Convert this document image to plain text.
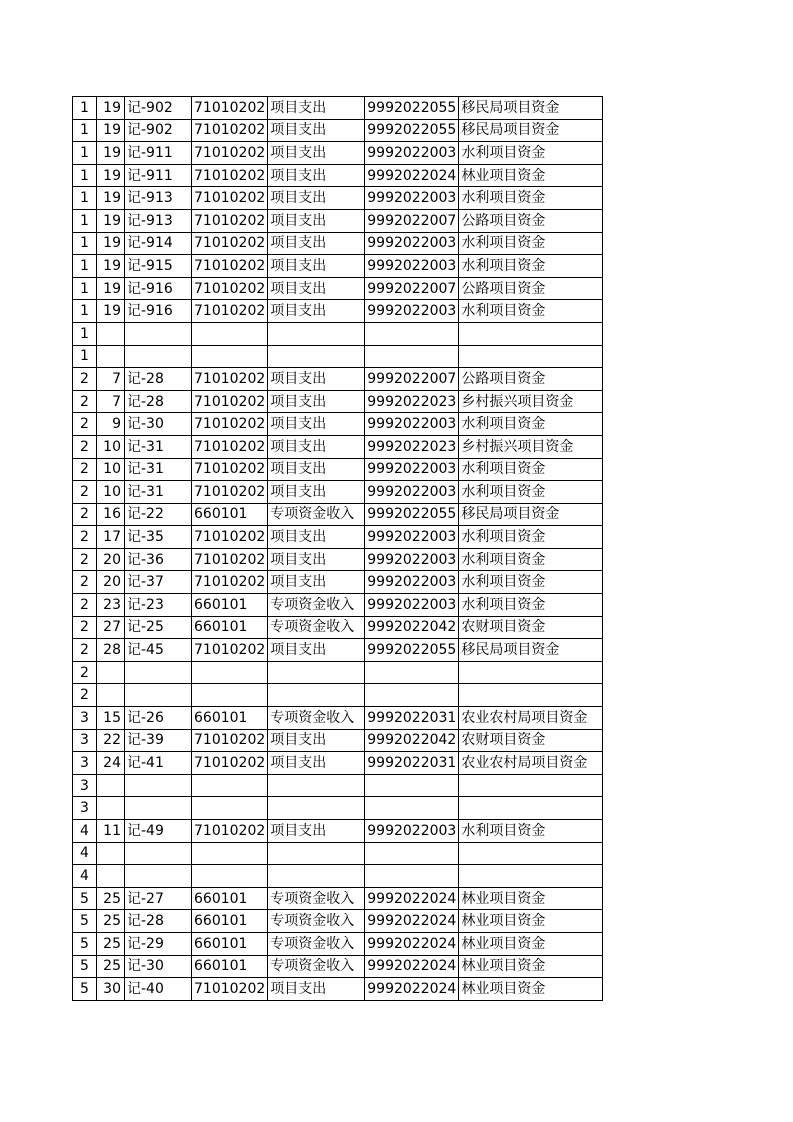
1	19	记-902	71010202	项目支出	9992022055	移民局项目资金
1	19	记-902	71010202	项目支出	9992022055	移民局项目资金
1	19	记-911	71010202	项目支出	9992022003	水利项目资金
1	19	记-911	71010202	项目支出	9992022024	林业项目资金
1	19	记-913	71010202	项目支出	9992022003	水利项目资金
1	19	记-913	71010202	项目支出	9992022007	公路项目资金
1	19	记-914	71010202	项目支出	9992022003	水利项目资金
1	19	记-915	71010202	项目支出	9992022003	水利项目资金
1	19	记-916	71010202	项目支出	9992022007	公路项目资金
1	19	记-916	71010202	项目支出	9992022003	水利项目资金
1						
1						
2	7	记-28	71010202	项目支出	9992022007	公路项目资金
2	7	记-28	71010202	项目支出	9992022023	乡村振兴项目资金
2	9	记-30	71010202	项目支出	9992022003	水利项目资金
2	10	记-31	71010202	项目支出	9992022023	乡村振兴项目资金
2	10	记-31	71010202	项目支出	9992022003	水利项目资金
2	10	记-31	71010202	项目支出	9992022003	水利项目资金
2	16	记-22	660101	专项资金收入	9992022055	移民局项目资金
2	17	记-35	71010202	项目支出	9992022003	水利项目资金
2	20	记-36	71010202	项目支出	9992022003	水利项目资金
2	20	记-37	71010202	项目支出	9992022003	水利项目资金
2	23	记-23	660101	专项资金收入	9992022003	水利项目资金
2	27	记-25	660101	专项资金收入	9992022042	农财项目资金
2	28	记-45	71010202	项目支出	9992022055	移民局项目资金
2						
2						
3	15	记-26	660101	专项资金收入	9992022031	农业农村局项目资金
3	22	记-39	71010202	项目支出	9992022042	农财项目资金
3	24	记-41	71010202	项目支出	9992022031	农业农村局项目资金
3						
3						
4	11	记-49	71010202	项目支出	9992022003	水利项目资金
4						
4						
5	25	记-27	660101	专项资金收入	9992022024	林业项目资金
5	25	记-28	660101	专项资金收入	9992022024	林业项目资金
5	25	记-29	660101	专项资金收入	9992022024	林业项目资金
5	25	记-30	660101	专项资金收入	9992022024	林业项目资金
5	30	记-40	71010202	项目支出	9992022024	林业项目资金
